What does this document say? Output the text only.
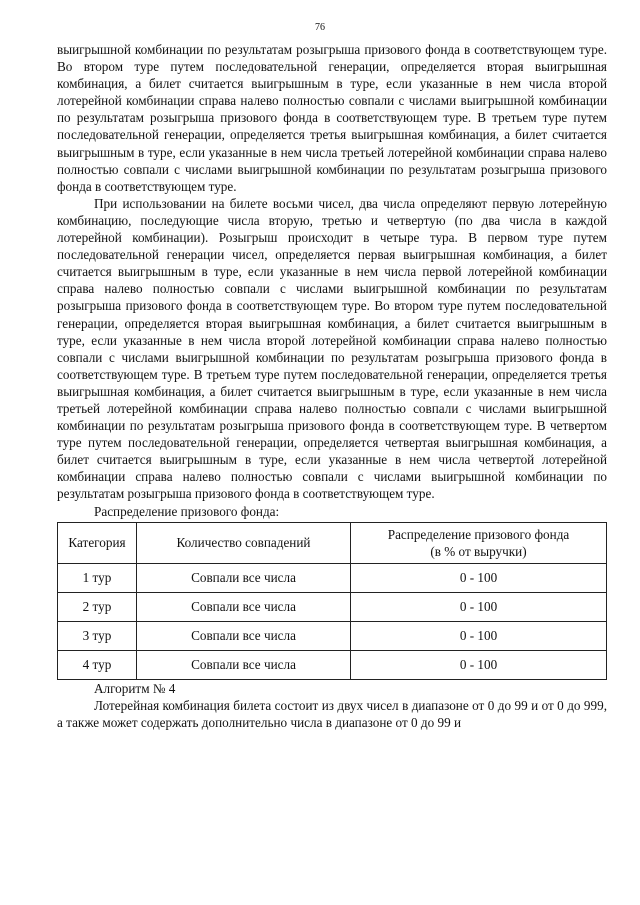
76

выигрышной комбинации по результатам розыгрыша призового фонда в соответствующем туре. Во втором туре путем последовательной генерации, определяется вторая выигрышная комбинация, а билет считается выигрышным в туре, если указанные в нем числа второй лотерейной комбинации справа налево полностью совпали с числами выигрышной комбинации по результатам розыгрыша призового фонда в соответствующем туре. В третьем туре путем последовательной генерации, определяется третья выигрышная комбинация, а билет считается выигрышным в туре, если указанные в нем числа третьей лотерейной комбинации справа налево полностью совпали с числами выигрышной комбинации по результатам розыгрыша призового фонда в соответствующем туре.

При использовании на билете восьми чисел, два числа определяют первую лотерейную комбинацию, последующие числа вторую, третью и четвертую (по два числа в каждой лотерейной комбинации). Розыгрыш происходит в четыре тура. В первом туре путем последовательной генерации чисел, определяется первая выигрышная комбинация, а билет считается выигрышным в туре, если указанные в нем числа первой лотерейной комбинации справа налево полностью совпали с числами выигрышной комбинации по результатам розыгрыша призового фонда в соответствующем туре. Во втором туре путем последовательной генерации, определяется вторая выигрышная комбинация, а билет считается выигрышным в туре, если указанные в нем числа второй лотерейной комбинации справа налево полностью совпали с числами выигрышной комбинации по результатам розыгрыша призового фонда в соответствующем туре. В третьем туре путем последовательной генерации, определяется третья выигрышная комбинация, а билет считается выигрышным в туре, если указанные в нем числа третьей лотерейной комбинации справа налево полностью совпали с числами выигрышной комбинации по результатам розыгрыша призового фонда в соответствующем туре. В четвертом туре путем последовательной генерации, определяется четвертая выигрышная комбинация, а билет считается выигрышным в туре, если указанные в нем числа четвертой лотерейной комбинации справа налево полностью совпали с числами выигрышной комбинации по результатам розыгрыша призового фонда в соответствующем туре.

Распределение призового фонда:

Категория	Количество совпадений	Распределение призового фонда
(в % от выручки)
1 тур	Совпали все числа	0 - 100
2 тур	Совпали все числа	0 - 100
3 тур	Совпали все числа	0 - 100
4 тур	Совпали все числа	0 - 100

Алгоритм № 4

Лотерейная комбинация билета состоит из двух чисел в диапазоне от 0 до 99 и от 0 до 999, а также может содержать дополнительно числа в диапазоне от 0 до 99 и
